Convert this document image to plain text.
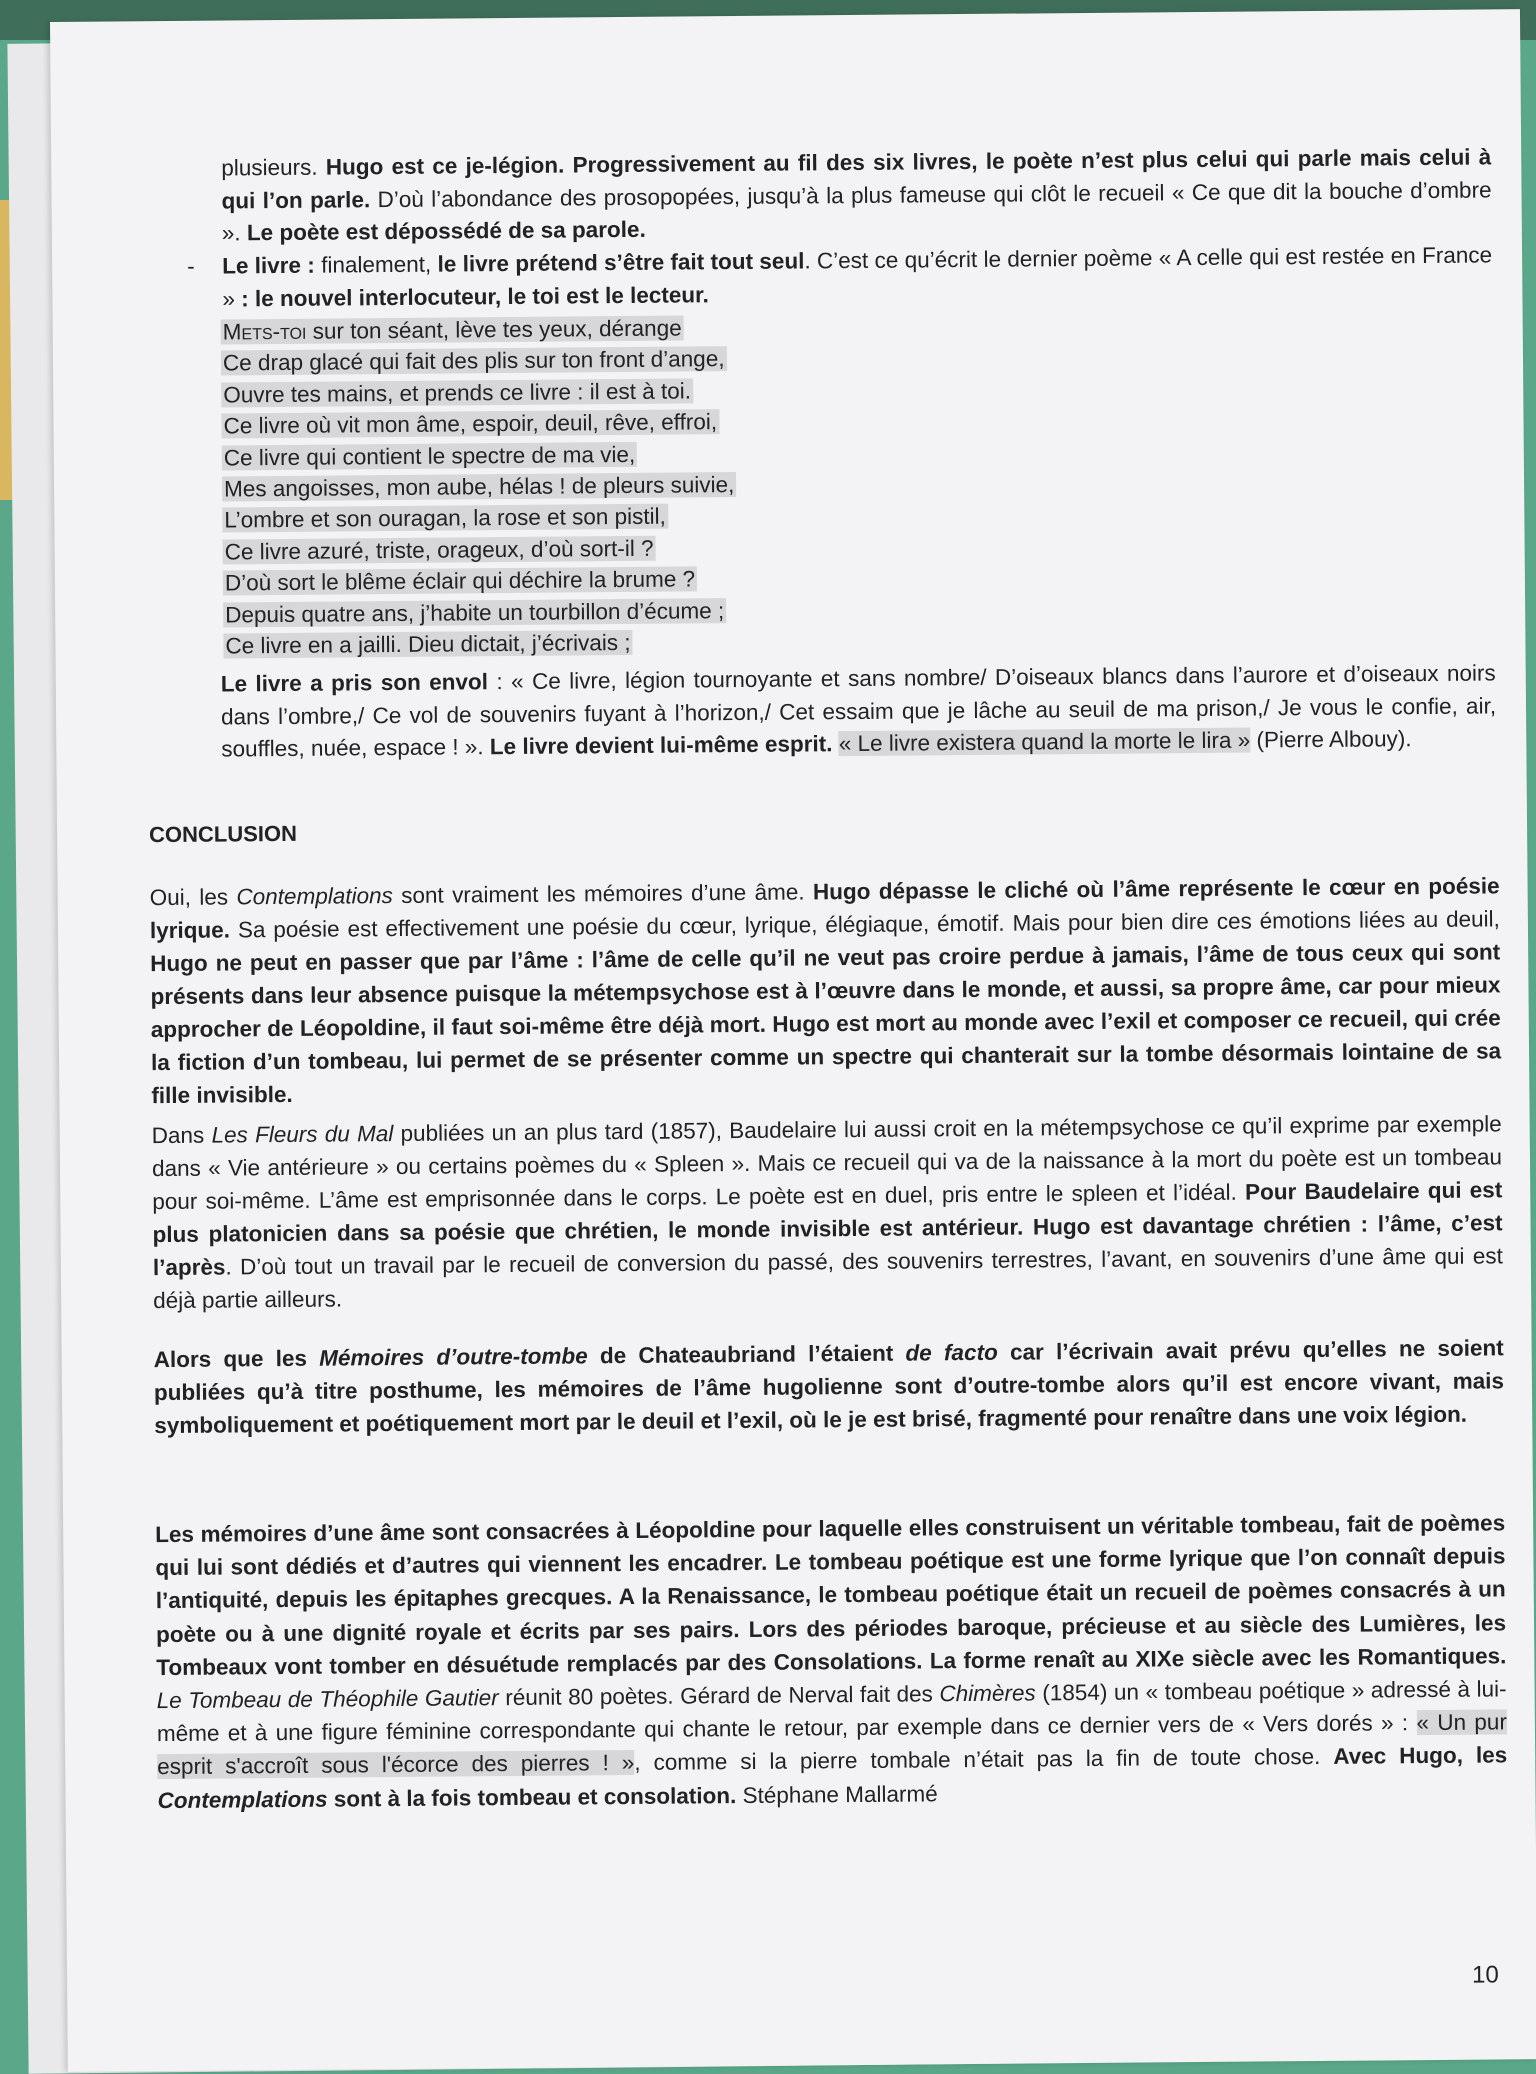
plusieurs. Hugo est ce je-légion. Progressivement au fil des six livres, le poète n’est plus celui qui parle mais celui à qui l’on parle. D’où l’abondance des prosopopées, jusqu’à la plus fameuse qui clôt le recueil « Ce que dit la bouche d’ombre ». Le poète est dépossédé de sa parole.
- Le livre : finalement, le livre prétend s’être fait tout seul. C’est ce qu’écrit le dernier poème « A celle qui est restée en France » : le nouvel interlocuteur, le toi est le lecteur.
Mets-toi sur ton séant, lève tes yeux, dérange
Ce drap glacé qui fait des plis sur ton front d’ange,
Ouvre tes mains, et prends ce livre : il est à toi.
Ce livre où vit mon âme, espoir, deuil, rêve, effroi,
Ce livre qui contient le spectre de ma vie,
Mes angoisses, mon aube, hélas ! de pleurs suivie,
L’ombre et son ouragan, la rose et son pistil,
Ce livre azuré, triste, orageux, d’où sort-il ?
D’où sort le blême éclair qui déchire la brume ?
Depuis quatre ans, j’habite un tourbillon d’écume ;
Ce livre en a jailli. Dieu dictait, j’écrivais ;
Le livre a pris son envol : « Ce livre, légion tournoyante et sans nombre/ D’oiseaux blancs dans l’aurore et d’oiseaux noirs dans l’ombre,/ Ce vol de souvenirs fuyant à l’horizon,/ Cet essaim que je lâche au seuil de ma prison,/ Je vous le confie, air, souffles, nuée, espace ! ». Le livre devient lui-même esprit. « Le livre existera quand la morte le lira » (Pierre Albouy).
CONCLUSION
Oui, les Contemplations sont vraiment les mémoires d’une âme. Hugo dépasse le cliché où l’âme représente le cœur en poésie lyrique. Sa poésie est effectivement une poésie du cœur, lyrique, élégiaque, émotif. Mais pour bien dire ces émotions liées au deuil, Hugo ne peut en passer que par l’âme : l’âme de celle qu’il ne veut pas croire perdue à jamais, l’âme de tous ceux qui sont présents dans leur absence puisque la métempsychose est à l’œuvre dans le monde, et aussi, sa propre âme, car pour mieux approcher de Léopoldine, il faut soi-même être déjà mort. Hugo est mort au monde avec l’exil et composer ce recueil, qui crée la fiction d’un tombeau, lui permet de se présenter comme un spectre qui chanterait sur la tombe désormais lointaine de sa fille invisible.
Dans Les Fleurs du Mal publiées un an plus tard (1857), Baudelaire lui aussi croit en la métempsychose ce qu’il exprime par exemple dans « Vie antérieure » ou certains poèmes du « Spleen ». Mais ce recueil qui va de la naissance à la mort du poète est un tombeau pour soi-même. L’âme est emprisonnée dans le corps. Le poète est en duel, pris entre le spleen et l’idéal. Pour Baudelaire qui est plus platonicien dans sa poésie que chrétien, le monde invisible est antérieur. Hugo est davantage chrétien : l’âme, c’est l’après. D’où tout un travail par le recueil de conversion du passé, des souvenirs terrestres, l’avant, en souvenirs d’une âme qui est déjà partie ailleurs.
Alors que les Mémoires d’outre-tombe de Chateaubriand l’étaient de facto car l’écrivain avait prévu qu’elles ne soient publiées qu’à titre posthume, les mémoires de l’âme hugolienne sont d’outre-tombe alors qu’il est encore vivant, mais symboliquement et poétiquement mort par le deuil et l’exil, où le je est brisé, fragmenté pour renaître dans une voix légion.
Les mémoires d’une âme sont consacrées à Léopoldine pour laquelle elles construisent un véritable tombeau, fait de poèmes qui lui sont dédiés et d’autres qui viennent les encadrer. Le tombeau poétique est une forme lyrique que l’on connaît depuis l’antiquité, depuis les épitaphes grecques. A la Renaissance, le tombeau poétique était un recueil de poèmes consacrés à un poète ou à une dignité royale et écrits par ses pairs. Lors des périodes baroque, précieuse et au siècle des Lumières, les Tombeaux vont tomber en désuétude remplacés par des Consolations. La forme renaît au XIXe siècle avec les Romantiques. Le Tombeau de Théophile Gautier réunit 80 poètes. Gérard de Nerval fait des Chimères (1854) un « tombeau poétique » adressé à lui-même et à une figure féminine correspondante qui chante le retour, par exemple dans ce dernier vers de « Vers dorés » : « Un pur esprit s'accroît sous l'écorce des pierres ! », comme si la pierre tombale n’était pas la fin de toute chose. Avec Hugo, les Contemplations sont à la fois tombeau et consolation. Stéphane Mallarmé
10
